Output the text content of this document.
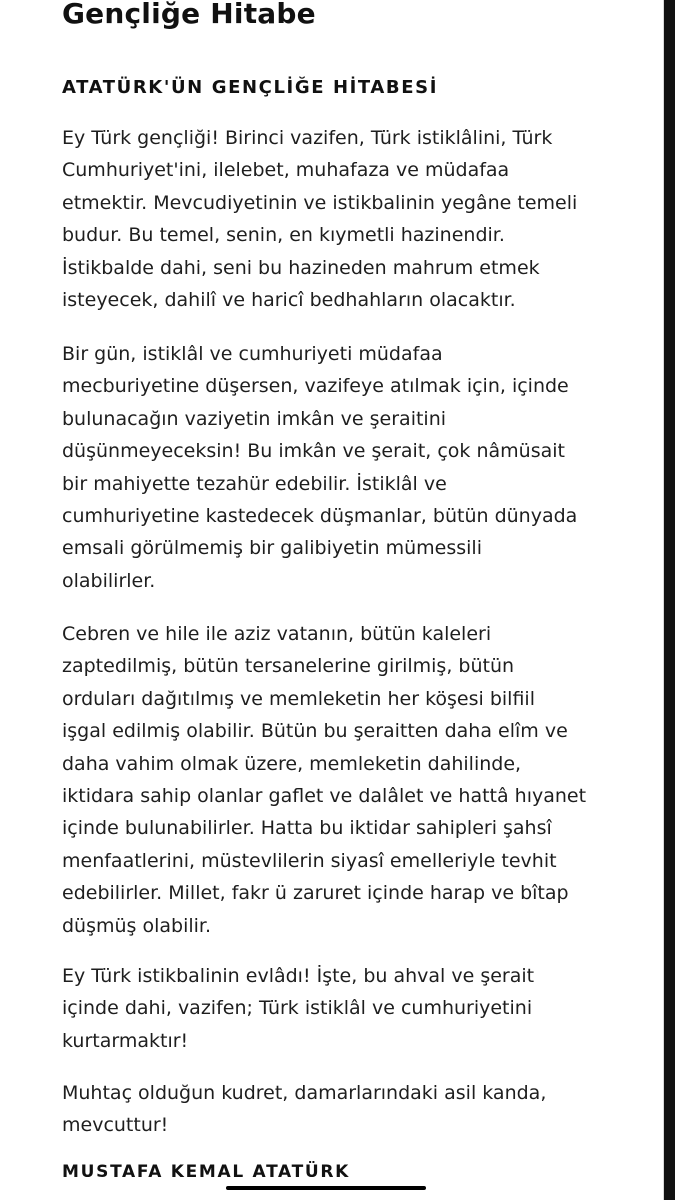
Gençliğe Hitabe
ATATÜRK'ÜN GENÇLİĞE HİTABESİ

Ey Türk gençliği! Birinci vazifen, Türk istiklâlini, Türk
Cumhuriyet'ini, ilelebet, muhafaza ve müdafaa
etmektir. Mevcudiyetinin ve istikbalinin yegâne temeli
budur. Bu temel, senin, en kıymetli hazinendir.
İstikbalde dahi, seni bu hazineden mahrum etmek
isteyecek, dahilî ve haricî bedhahların olacaktır.

Bir gün, istiklâl ve cumhuriyeti müdafaa
mecburiyetine düşersen, vazifeye atılmak için, içinde
bulunacağın vaziyetin imkân ve şeraitini
düşünmeyeceksin! Bu imkân ve şerait, çok nâmüsait
bir mahiyette tezahür edebilir. İstiklâl ve
cumhuriyetine kastedecek düşmanlar, bütün dünyada
emsali görülmemiş bir galibiyetin mümessili
olabilirler.

Cebren ve hile ile aziz vatanın, bütün kaleleri
zaptedilmiş, bütün tersanelerine girilmiş, bütün
orduları dağıtılmış ve memleketin her köşesi bilfiil
işgal edilmiş olabilir. Bütün bu şeraitten daha elîm ve
daha vahim olmak üzere, memleketin dahilinde,
iktidara sahip olanlar gaflet ve dalâlet ve hattâ hıyanet
içinde bulunabilirler. Hatta bu iktidar sahipleri şahsî
menfaatlerini, müstevlilerin siyasî emelleriyle tevhit
edebilirler. Millet, fakr ü zaruret içinde harap ve bîtap
düşmüş olabilir.

Ey Türk istikbalinin evlâdı! İşte, bu ahval ve şerait
içinde dahi, vazifen; Türk istiklâl ve cumhuriyetini
kurtarmaktır!

Muhtaç olduğun kudret, damarlarındaki asil kanda,
mevcuttur!

MUSTAFA KEMAL ATATÜRK
